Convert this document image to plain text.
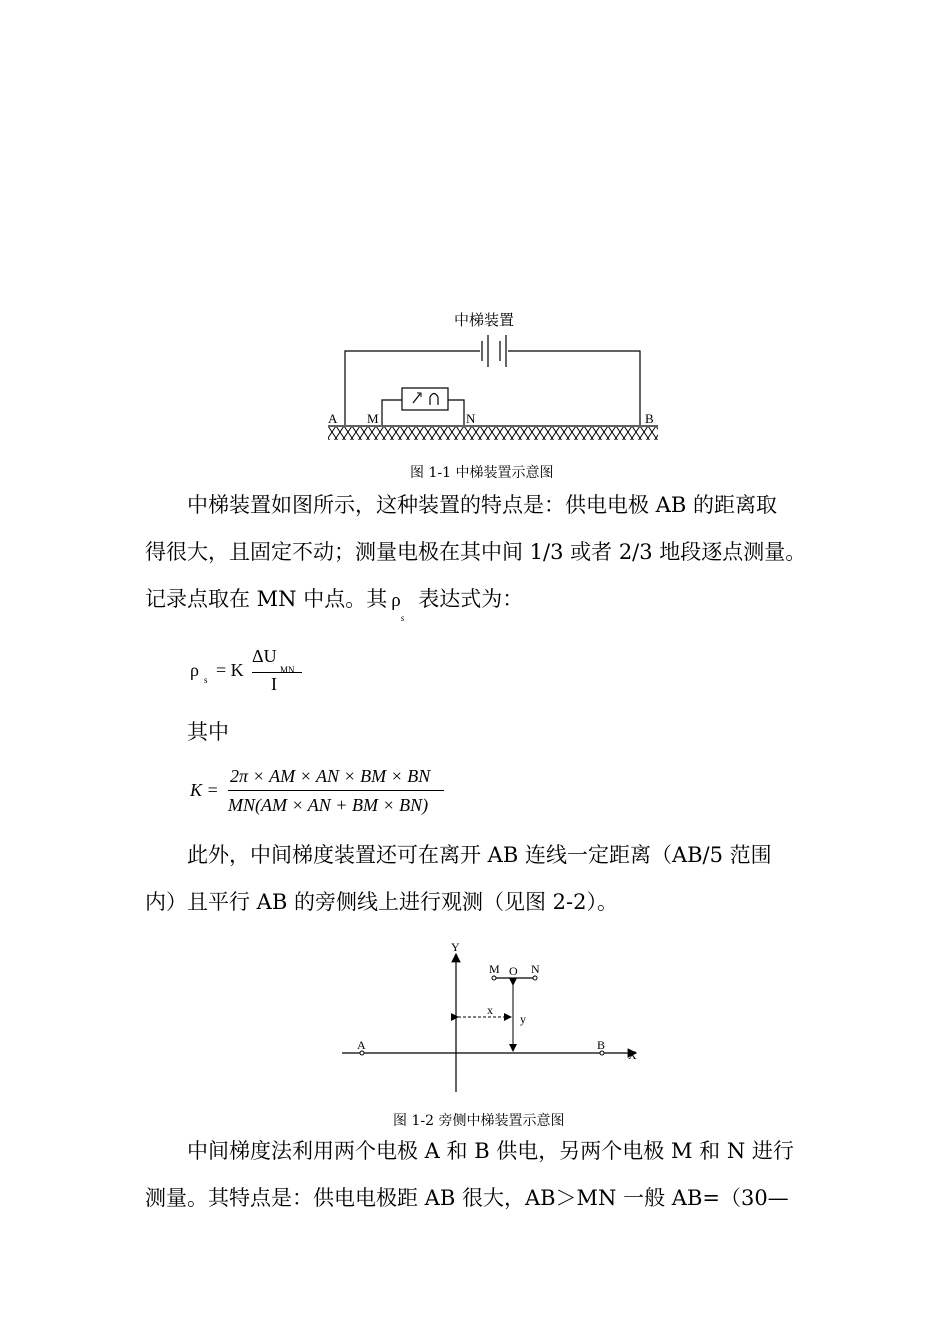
中梯装置
A M	N	B
图 1-1 中梯装置示意图
中梯装置如图所示，这种装置的特点是：供电电极 AB 的距离取
得很大，且固定不动；测量电极在其中间 1/3 或者 2/3 地段逐点测量。
记录点取在 MN 中点。其 $\rho_s$表达式为：
ρ s = K
ΔU
MN
I
其中
K =
2π × AM × AN × BM × BN
MN(AM × AN + BM × BN)
此外，中间梯度装置还可在离开 AB 连线一定距离（AB/5 范围
内）且平行 AB 的旁侧线上进行观测（见图 2-2）。
Y
X
M O N
x
y
A	B
图 1-2 旁侧中梯装置示意图
中间梯度法利用两个电极 A 和 B 供电，另两个电极 M 和 N 进行
测量。其特点是：供电电极距 AB 很大，AB＞MN 一般 AB=（30—
